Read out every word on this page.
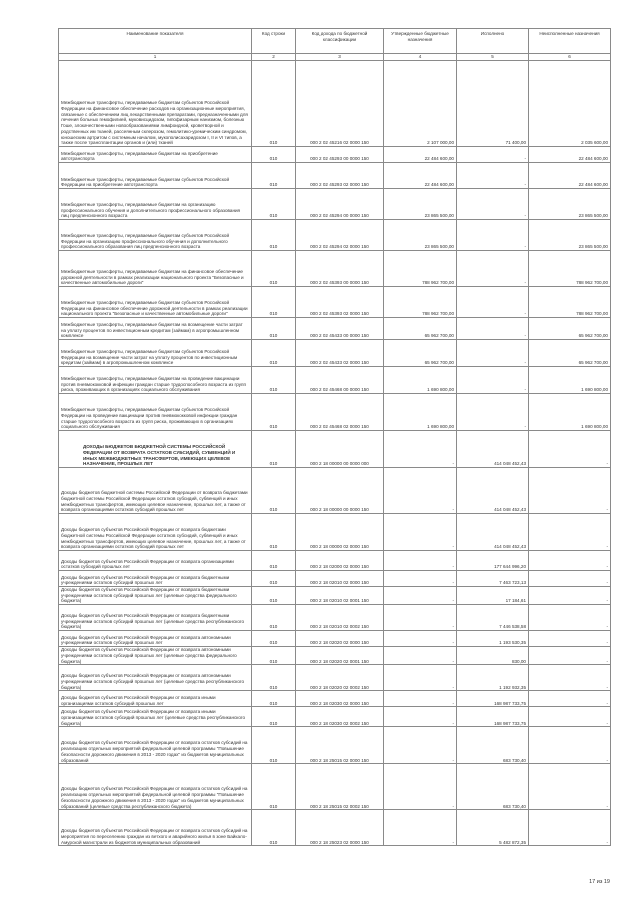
Наименование показателя	Код строки	Код дохода по бюджетной классификации	Утвержденные бюджетные назначения	Исполнено	Неисполненные назначения
1	2	3	4	5	6
Межбюджетные трансферты, передаваемые бюджетам субъектов Российской Федерации на финансовое обеспечение расходов на организационные мероприятия, связанные с обеспечением лиц лекарственными препаратами, предназначенными для лечения больных гемофилией, муковисцидозом, гипофизарным нанизмом, болезнью Гоше, злокачественными новообразованиями лимфоидной, кроветворной и родственных им тканей, рассеянным склерозом, гемолитико-уремическим синдромом, юношеским артритом с системным началом, мукополисахаридозом I, II и VI типов, а также после трансплантации органов и (или) тканей	010	000 2 02 45216 02 0000 150	2 107 000,00	71 400,00	2 035 600,00
Межбюджетные трансферты, передаваемые бюджетам на приобретение автотранспорта	010	000 2 02 45293 00 0000 150	22 484 600,00	-	22 484 600,00
Межбюджетные трансферты, передаваемые бюджетам субъектов Российской Федерации на приобретение автотранспорта	010	000 2 02 45293 02 0000 150	22 484 600,00	-	22 484 600,00
Межбюджетные трансферты, передаваемые бюджетам на организацию профессионального обучения и дополнительного профессионального образования лиц предпенсионного возраста	010	000 2 02 45294 00 0000 150	23 865 500,00	-	23 865 500,00
Межбюджетные трансферты, передаваемые бюджетам субъектов Российской Федерации на организацию профессионального обучения и дополнительного профессионального образования лиц предпенсионного возраста	010	000 2 02 45294 02 0000 150	23 865 500,00	-	23 865 500,00
Межбюджетные трансферты, передаваемые бюджетам на финансовое обеспечение дорожной деятельности в рамках реализации национального проекта "Безопасные и качественные автомобильные дороги"	010	000 2 02 45393 00 0000 150	788 962 700,00	-	788 962 700,00
Межбюджетные трансферты, передаваемые бюджетам субъектов Российской Федерации на финансовое обеспечение дорожной деятельности в рамках реализации национального проекта "Безопасные и качественные автомобильные дороги"	010	000 2 02 45393 02 0000 150	788 962 700,00	-	788 962 700,00
Межбюджетные трансферты, передаваемые бюджетам на возмещение части затрат на уплату процентов по инвестиционным кредитам (займам) в агропромышленном комплексе	010	000 2 02 45433 00 0000 150	65 962 700,00	-	65 962 700,00
Межбюджетные трансферты, передаваемые бюджетам субъектов Российской Федерации на возмещение части затрат на уплату процентов по инвестиционным кредитам (займам) в агропромышленном комплексе	010	000 2 02 45433 02 0000 150	65 962 700,00	-	65 962 700,00
Межбюджетные трансферты, передаваемые бюджетам на проведение вакцинации против пневмококковой инфекции граждан старше трудоспособного возраста из групп риска, проживающих в организациях социального обслуживания	010	000 2 02 45468 00 0000 150	1 690 800,00	-	1 690 800,00
Межбюджетные трансферты, передаваемые бюджетам субъектов Российской Федерации на проведение вакцинации против пневмококковой инфекции граждан старше трудоспособного возраста из групп риска, проживающих в организациях социального обслуживания	010	000 2 02 45468 02 0000 150	1 690 800,00	-	1 690 800,00
ДОХОДЫ БЮДЖЕТОВ БЮДЖЕТНОЙ СИСТЕМЫ РОССИЙСКОЙ ФЕДЕРАЦИИ ОТ ВОЗВРАТА ОСТАТКОВ СУБСИДИЙ, СУБВЕНЦИЙ И ИНЫХ МЕЖБЮДЖЕТНЫХ ТРАНСФЕРТОВ, ИМЕЮЩИХ ЦЕЛЕВОЕ НАЗНАЧЕНИЕ, ПРОШЛЫХ ЛЕТ	010	000 2 18 00000 00 0000 000	-	414 048 452,43	-
Доходы бюджетов бюджетной системы Российской Федерации от возврата бюджетами бюджетной системы Российской Федерации остатков субсидий, субвенций и иных межбюджетных трансфертов, имеющих целевое назначение, прошлых лет, а также от возврата организациями остатков субсидий прошлых лет	010	000 2 18 00000 00 0000 150	-	414 048 452,43	-
Доходы бюджетов субъектов Российской Федерации от возврата бюджетами бюджетной системы Российской Федерации остатков субсидий, субвенций и иных межбюджетных трансфертов, имеющих целевое назначение, прошлых лет, а также от возврата организациями остатков субсидий прошлых лет	010	000 2 18 00000 02 0000 150	-	414 048 452,43	-
Доходы бюджетов субъектов Российской Федерации от возврата организациями остатков субсидий прошлых лет	010	000 2 18 02000 02 0000 150	-	177 644 996,20	-
Доходы бюджетов субъектов Российской Федерации от возврата бюджетными учреждениями остатков субсидий прошлых лет	010	000 2 18 02010 02 0000 150	-	7 463 723,13	-
Доходы бюджетов субъектов Российской Федерации от возврата бюджетными учреждениями остатков субсидий прошлых лет (целевые средства федерального бюджета)	010	000 2 18 02010 02 0001 150	-	17 184,61	-
Доходы бюджетов субъектов Российской Федерации от возврата бюджетными учреждениями остатков субсидий прошлых лет (целевые средства республиканского бюджета)	010	000 2 18 02010 02 0002 150	-	7 446 538,58	-
Доходы бюджетов субъектов Российской Федерации от возврата автономными учреждениями остатков субсидий прошлых лет	010	000 2 18 02020 02 0000 150	-	1 193 530,35	-
Доходы бюджетов субъектов Российской Федерации от возврата автономными учреждениями остатков субсидий прошлых лет (целевые средства федерального бюджета)	010	000 2 18 02020 02 0001 150	-	830,00	-
Доходы бюджетов субъектов Российской Федерации от возврата автономными учреждениями остатков субсидий прошлых лет (целевые средства республиканского бюджета)	010	000 2 18 02020 02 0002 150	-	1 192 932,35	-
Доходы бюджетов субъектов Российской Федерации от возврата иными организациями остатков субсидий прошлых лет	010	000 2 18 02030 02 0000 150	-	168 987 733,75	-
Доходы бюджетов субъектов Российской Федерации от возврата иными организациями остатков субсидий прошлых лет (целевые средства республиканского бюджета)	010	000 2 18 02030 02 0002 150	-	168 987 733,75	-
Доходы бюджетов субъектов Российской Федерации от возврата остатков субсидий на реализацию отдельных мероприятий федеральной целевой программы "Повышение безопасности дорожного движения в 2013 - 2020 годах" из бюджетов муниципальных образований	010	000 2 18 25015 02 0000 150	-	683 730,40	-
Доходы бюджетов субъектов Российской Федерации от возврата остатков субсидий на реализацию отдельных мероприятий федеральной целевой программы "Повышение безопасности дорожного движения в 2013 - 2020 годах" из бюджетов муниципальных образований (целевые средства республиканского бюджета)	010	000 2 18 25015 02 0002 150	-	683 730,40	-
Доходы бюджетов субъектов Российской Федерации от возврата остатков субсидий на мероприятия по переселению граждан из ветхого и аварийного жилья в зоне Байкало-Амурской магистрали из бюджетов муниципальных образований	010	000 2 18 25023 02 0000 150	-	5 482 872,35	-
17 из 19
